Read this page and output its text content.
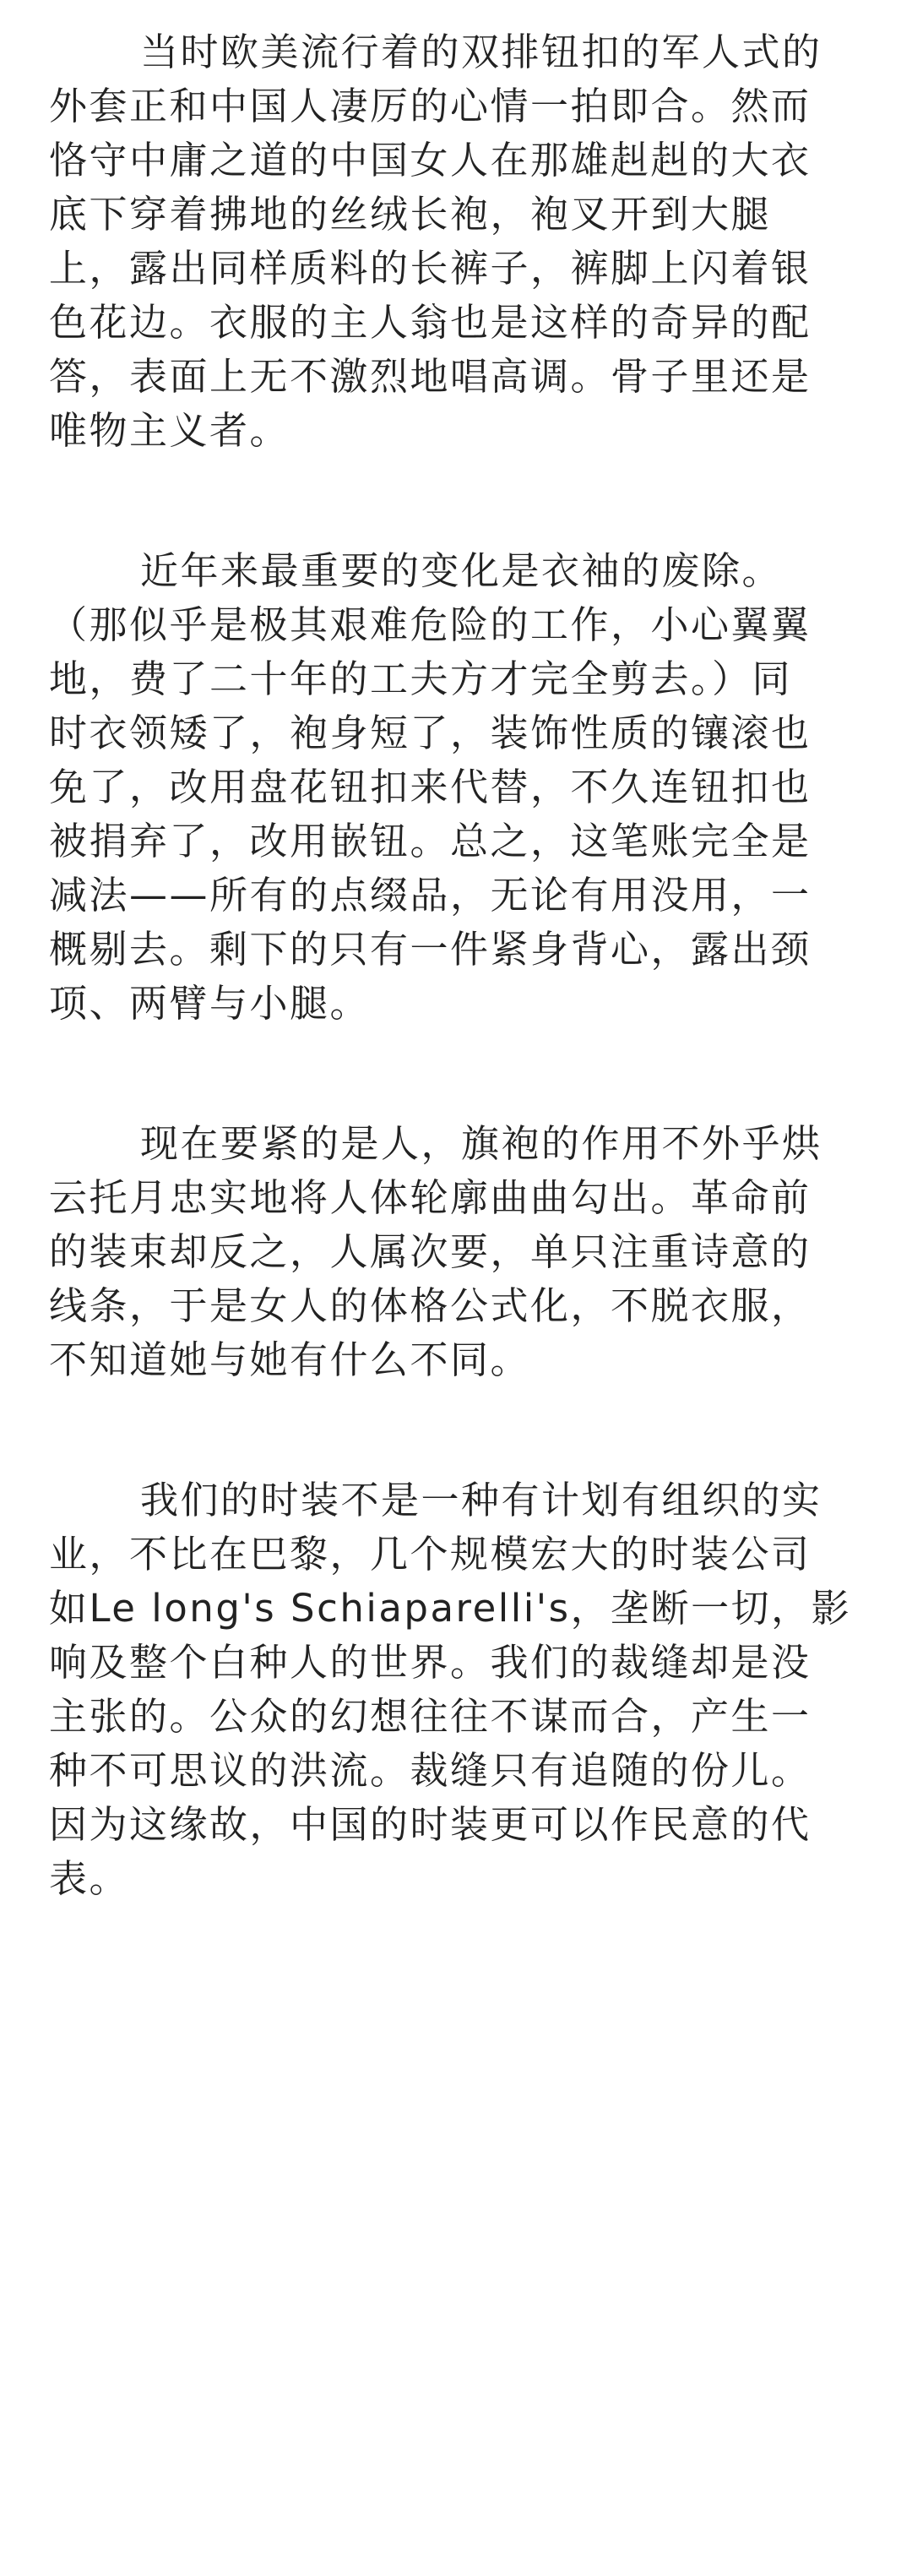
当时欧美流行着的双排钮扣的军人式的
外套正和中国人凄厉的心情一拍即合。然而
恪守中庸之道的中国女人在那雄赳赳的大衣
底下穿着拂地的丝绒长袍，袍叉开到大腿
上，露出同样质料的长裤子，裤脚上闪着银
色花边。衣服的主人翁也是这样的奇异的配
答，表面上无不激烈地唱高调。骨子里还是
唯物主义者。
近年来最重要的变化是衣袖的废除。
（那似乎是极其艰难危险的工作，小心翼翼
地，费了二十年的工夫方才完全剪去。）同
时衣领矮了，袍身短了，装饰性质的镶滚也
免了，改用盘花钮扣来代替，不久连钮扣也
被捐弃了，改用嵌钮。总之，这笔账完全是
减法——所有的点缀品，无论有用没用，一
概剔去。剩下的只有一件紧身背心，露出颈
项、两臂与小腿。
现在要紧的是人，旗袍的作用不外乎烘
云托月忠实地将人体轮廓曲曲勾出。革命前
的装束却反之，人属次要，单只注重诗意的
线条，于是女人的体格公式化，不脱衣服，
不知道她与她有什么不同。
我们的时装不是一种有计划有组织的实
业，不比在巴黎，几个规模宏大的时装公司
如Le long's Schiaparelli's，垄断一切，影
响及整个白种人的世界。我们的裁缝却是没
主张的。公众的幻想往往不谋而合，产生一
种不可思议的洪流。裁缝只有追随的份儿。
因为这缘故，中国的时装更可以作民意的代
表。
